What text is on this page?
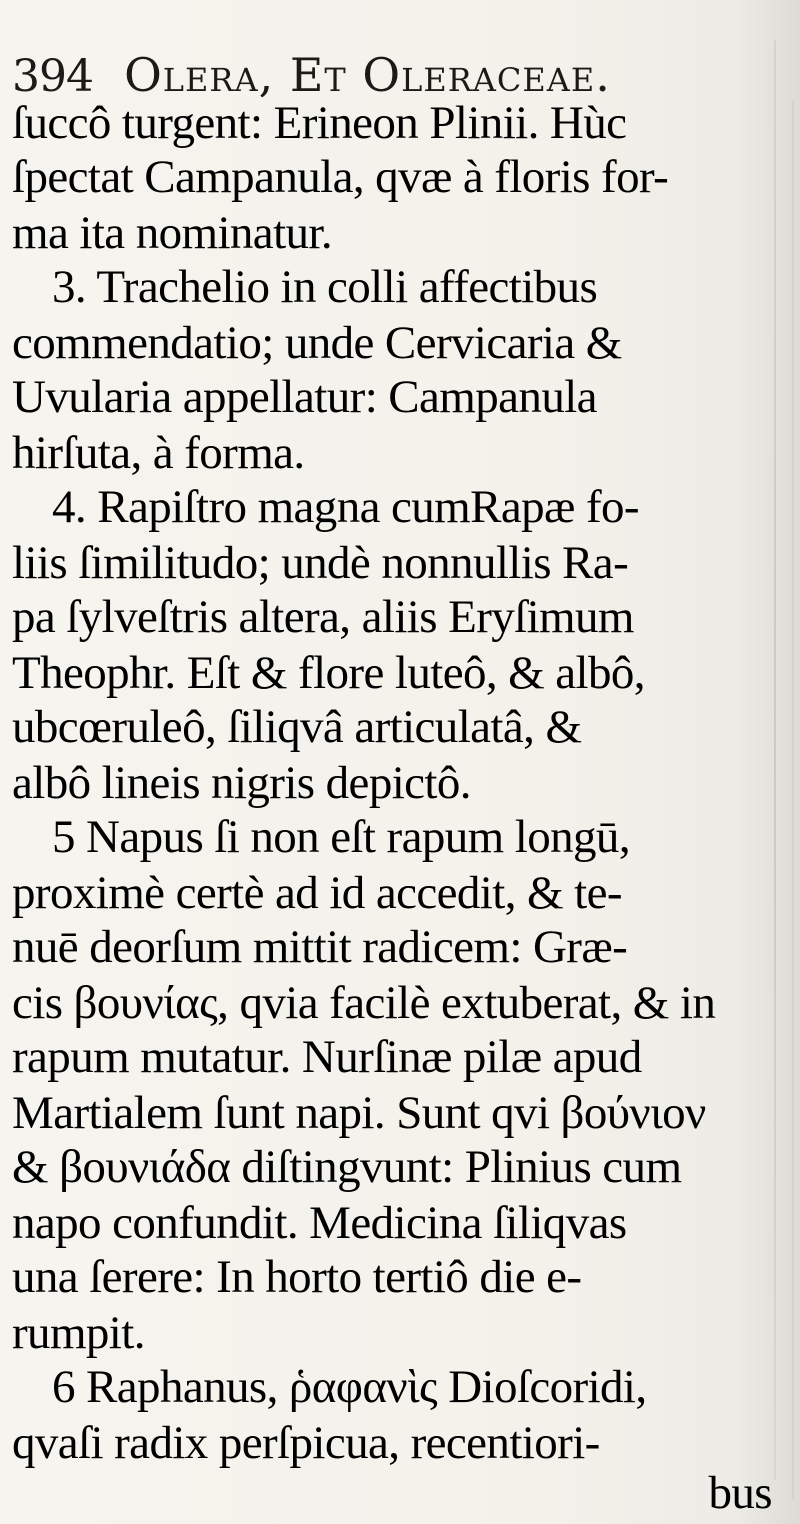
394 Olera, Et Oleraceae.
ſuccô turgent: Erineon Plinii. Hùc
ſpectat Campanula, qvæ à floris for-
ma ita nominatur.
3. Trachelio in colli affectibus
commendatio; unde Cervicaria &
Uvularia appellatur: Campanula
hirſuta, à forma.
4. Rapiſtro magna cumRapæ fo-
liis ſimilitudo; undè nonnullis Ra-
pa ſylveſtris altera, aliis Eryſimum
Theophr. Eſt & flore luteô, & albô,
ubcœruleô, ſiliqvâ articulatâ, &
albô lineis nigris depictô.
5 Napus ſi non eſt rapum longū,
proximè certè ad id accedit, & te-
nuē deorſum mittit radicem: Græ-
cis βουνίας, qvia facilè extuberat, & in
rapum mutatur. Nurſinæ pilæ apud
Martialem ſunt napi. Sunt qvi βούνιον
& βουνιάδα diſtingvunt: Plinius cum
napo confundit. Medicina ſiliqvas
una ſerere: In horto tertiô die e-
rumpit.
6 Raphanus, ῥαφανὶς Dioſcoridi,
qvaſi radix perſpicua, recentiori-
bus
